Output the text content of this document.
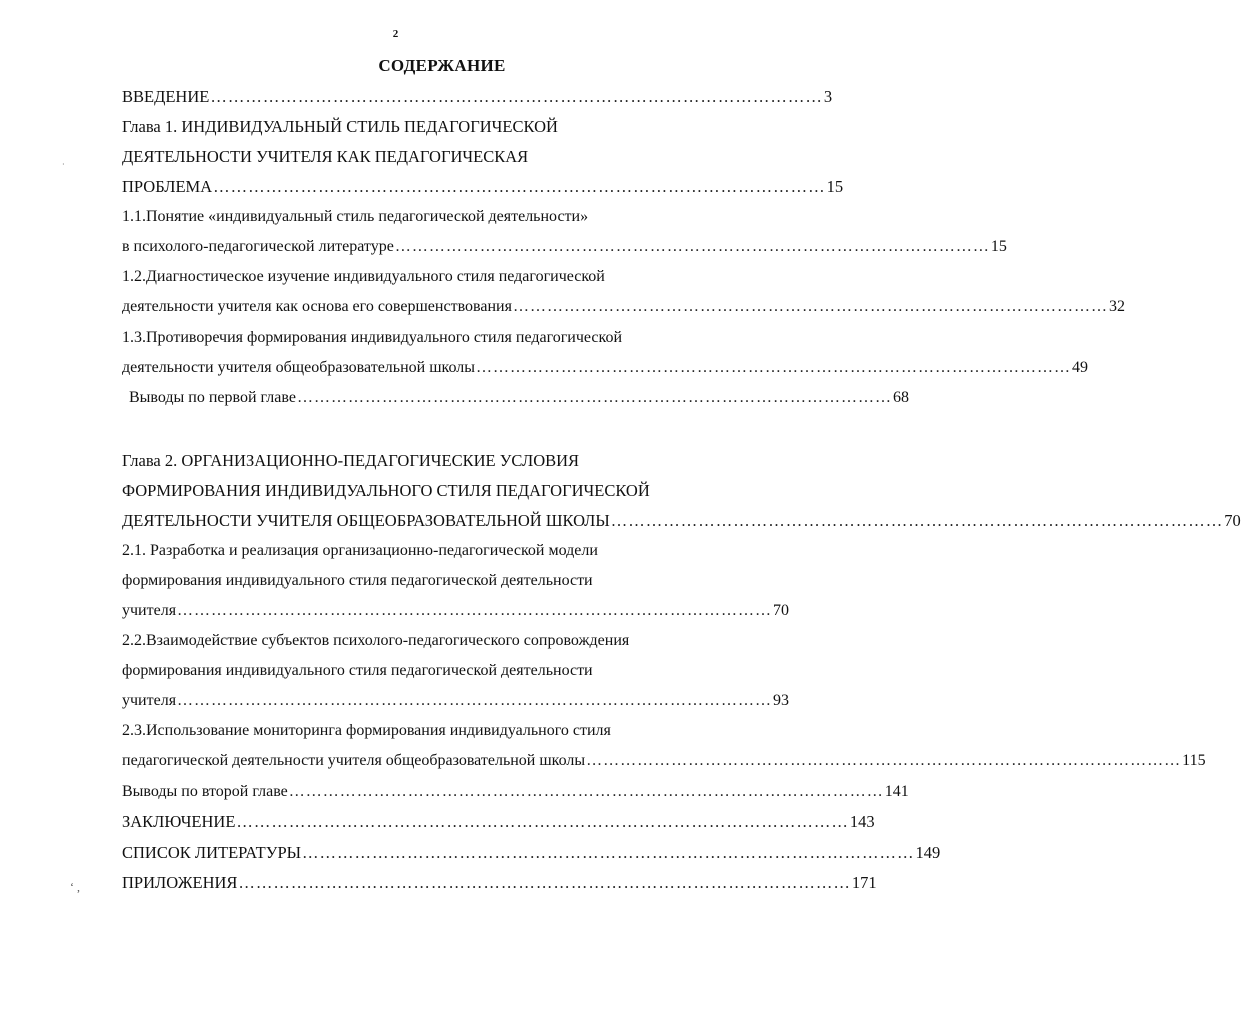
2
СОДЕРЖАНИЕ
ВВЕДЕНИЕ …………………………………………………………………………………………… 3
Глава 1. ИНДИВИДУАЛЬНЫЙ СТИЛЬ ПЕДАГОГИЧЕСКОЙ
ДЕЯТЕЛЬНОСТИ УЧИТЕЛЯ КАК ПЕДАГОГИЧЕСКАЯ
ПРОБЛЕМА …………………………………………………………………………………………… 15
1.1.Понятие «индивидуальный стиль педагогической деятельности»
в психолого-педагогической литературе …………………………………………………………………………………………… 15
1.2.Диагностическое изучение индивидуального стиля педагогической
деятельности учителя как основа его совершенствования …………………………………………………………………………………………… 32
1.3.Противоречия формирования индивидуального стиля педагогической
деятельности учителя общеобразовательной школы …………………………………………………………………………………………… 49
Выводы по первой главе …………………………………………………………………………………………… 68
Глава 2. ОРГАНИЗАЦИОННО-ПЕДАГОГИЧЕСКИЕ УСЛОВИЯ
ФОРМИРОВАНИЯ ИНДИВИДУАЛЬНОГО СТИЛЯ ПЕДАГОГИЧЕСКОЙ
ДЕЯТЕЛЬНОСТИ УЧИТЕЛЯ ОБЩЕОБРАЗОВАТЕЛЬНОЙ ШКОЛЫ …………………………………………………………………………………………… 70
2.1. Разработка и реализация организационно-педагогической модели
формирования индивидуального стиля педагогической деятельности
учителя …………………………………………………………………………………………… 70
2.2.Взаимодействие субъектов психолого-педагогического сопровождения
формирования индивидуального стиля педагогической деятельности
учителя …………………………………………………………………………………………… 93
2.3.Использование мониторинга формирования индивидуального стиля
педагогической деятельности учителя общеобразовательной школы …………………………………………………………………………………………… 115
Выводы по второй главе …………………………………………………………………………………………… 141
ЗАКЛЮЧЕНИЕ …………………………………………………………………………………………… 143
СПИСОК ЛИТЕРАТУРЫ …………………………………………………………………………………………… 149
ПРИЛОЖЕНИЯ …………………………………………………………………………………………… 171
‘ ,
·
